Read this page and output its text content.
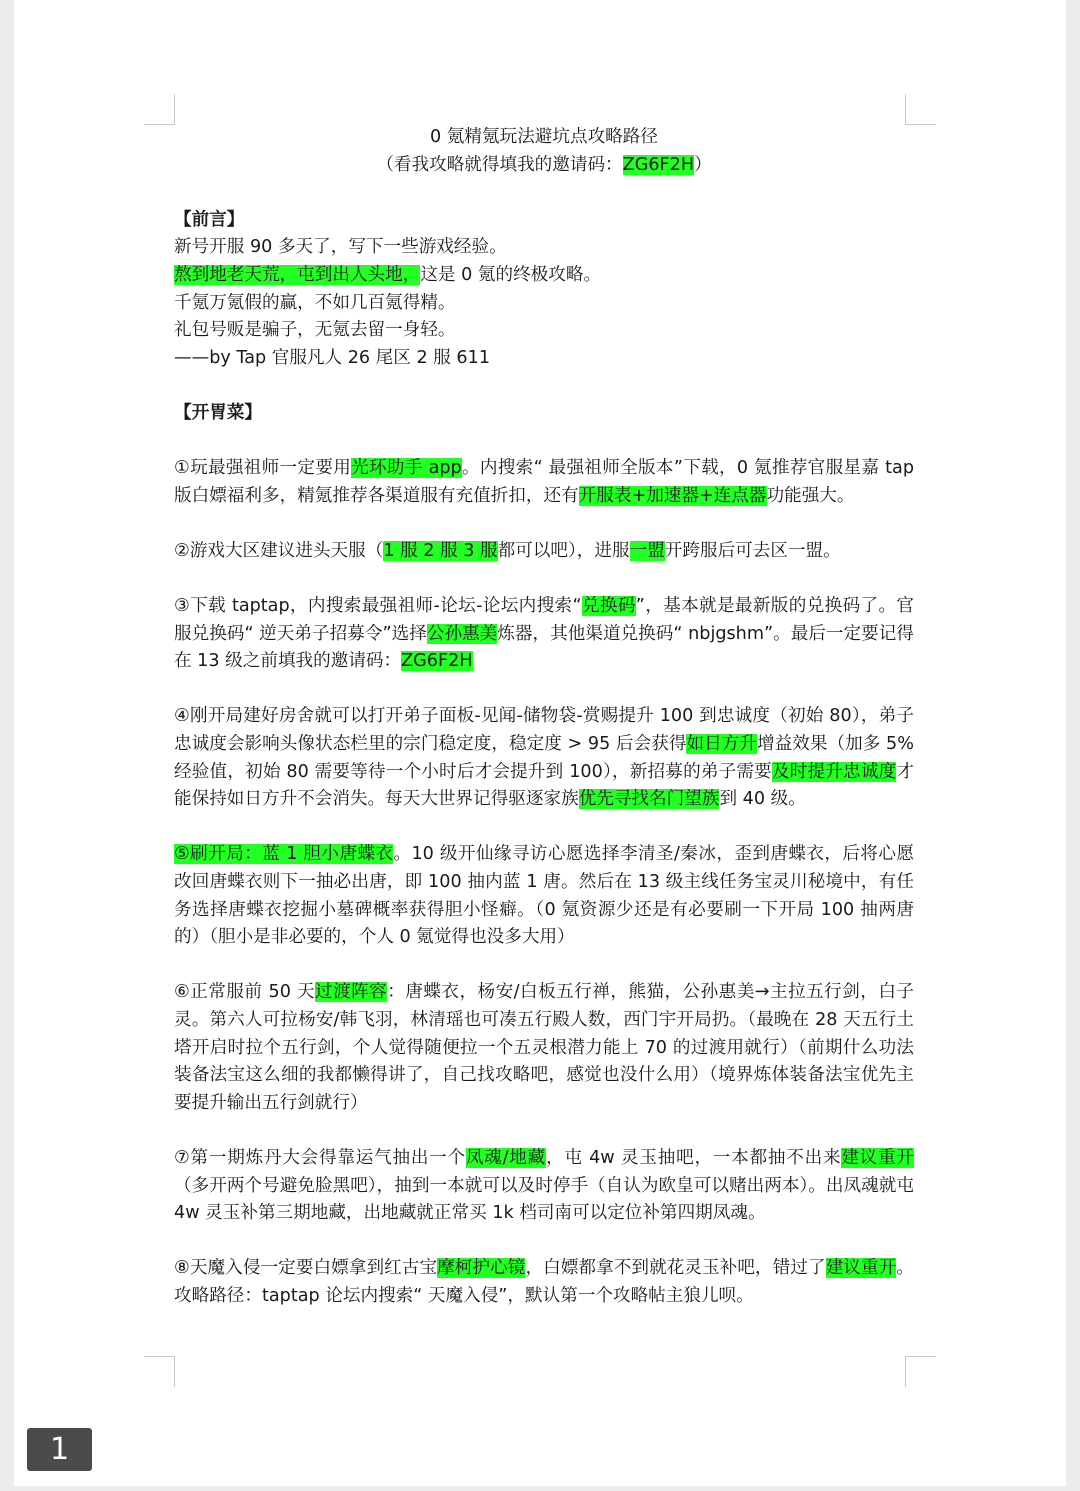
0 氪精氪玩法避坑点攻略路径
（看我攻略就得填我的邀请码：ZG6F2H）
【前言】
新号开服 90 多天了，写下一些游戏经验。
熬到地老天荒，屯到出人头地，这是 0 氪的终极攻略。
千氪万氪假的赢，不如几百氪得精。
礼包号贩是骗子，无氪去留一身轻。
——by Tap 官服凡人 26 尾区 2 服 611
【开胃菜】

①玩最强祖师一定要用光环助手 app。内搜索“ 最强祖师全版本”下载，0 氪推荐官服星嘉 tap 版白嫖福利多，精氪推荐各渠道服有充值折扣，还有开服表+加速器+连点器功能强大。

②游戏大区建议进头天服（1 服 2 服 3 服都可以吧），进服一盟开跨服后可去区一盟。

③下载 taptap，内搜索最强祖师-论坛-论坛内搜索“兑换码”，基本就是最新版的兑换码了。官服兑换码“ 逆天弟子招募令”选择公孙惠美炼器，其他渠道兑换码“ nbjgshm”。最后一定要记得在 13 级之前填我的邀请码：ZG6F2H

④刚开局建好房舍就可以打开弟子面板-见闻-储物袋-赏赐提升 100 到忠诚度（初始 80），弟子忠诚度会影响头像状态栏里的宗门稳定度，稳定度 > 95 后会获得如日方升增益效果（加多 5%经验值，初始 80 需要等待一个小时后才会提升到 100），新招募的弟子需要及时提升忠诚度才能保持如日方升不会消失。每天大世界记得驱逐家族优先寻找名门望族到 40 级。

⑤刷开局：蓝 1 胆小唐蝶衣。10 级开仙缘寻访心愿选择李清圣/秦冰，歪到唐蝶衣，后将心愿改回唐蝶衣则下一抽必出唐，即 100 抽内蓝 1 唐。然后在 13 级主线任务宝灵川秘境中，有任务选择唐蝶衣挖掘小墓碑概率获得胆小怪癖。（0 氪资源少还是有必要刷一下开局 100 抽两唐的）（胆小是非必要的，个人 0 氪觉得也没多大用）

⑥正常服前 50 天过渡阵容：唐蝶衣，杨安/白板五行禅，熊猫，公孙惠美→主拉五行剑，白子灵。第六人可拉杨安/韩飞羽，林清瑶也可凑五行殿人数，西门宇开局扔。（最晚在 28 天五行土塔开启时拉个五行剑，个人觉得随便拉一个五灵根潜力能上 70 的过渡用就行）（前期什么功法装备法宝这么细的我都懒得讲了，自己找攻略吧，感觉也没什么用）（境界炼体装备法宝优先主要提升输出五行剑就行）

⑦第一期炼丹大会得靠运气抽出一个凤魂/地藏，屯 4w 灵玉抽吧，一本都抽不出来建议重开（多开两个号避免脸黑吧），抽到一本就可以及时停手（自认为欧皇可以赌出两本）。出凤魂就屯 4w 灵玉补第三期地藏，出地藏就正常买 1k 档司南可以定位补第四期凤魂。

⑧天魔入侵一定要白嫖拿到红古宝摩柯护心镜，白嫖都拿不到就花灵玉补吧，错过了建议重开。攻略路径：taptap 论坛内搜索“ 天魔入侵”，默认第一个攻略帖主狼儿呗。

1
